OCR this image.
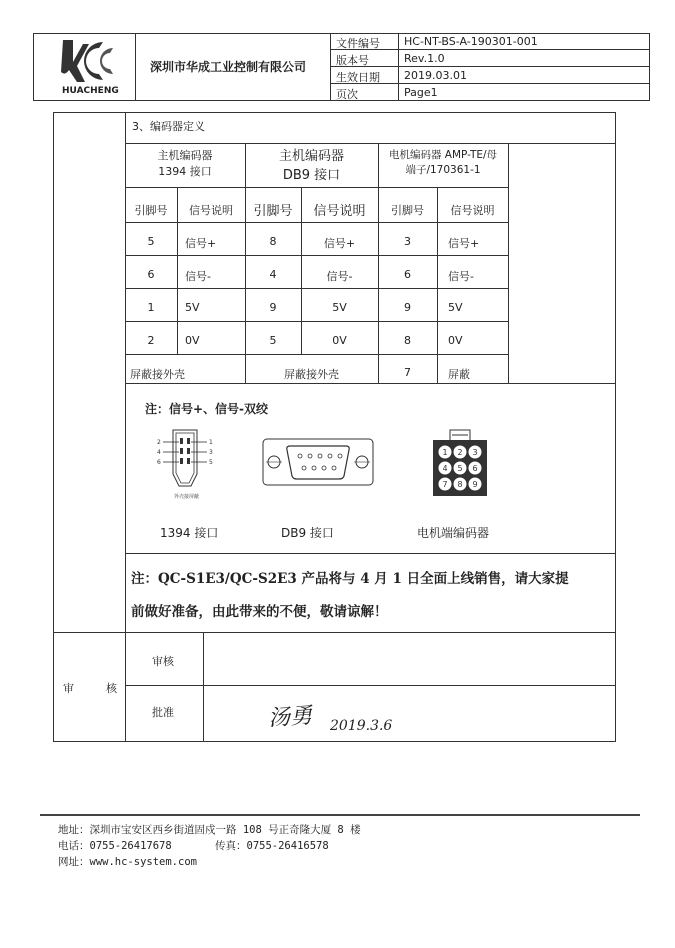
HUACHENG
深圳市华成工业控制有限公司
文件编号 HC-NT-BS-A-190301-001
版本号	Rev.1.0
生效日期 2019.03.01
页次	Page1
3、编码器定义
主机编码器
1394 接口
主机编码器
DB9 接口
电机编码器 AMP-TE/母
端子/170361-1
引脚号	信号说明	引脚号	信号说明	引脚号	信号说明
5	信号+	8	信号+	3	信号+
6	信号-	4	信号-	6	信号-
1	5V	9	5V	9	5V
2	0V	5	0V	8	0V
屏蔽接外壳	屏蔽接外壳	7	屏蔽
注：信号+、信号-双绞
2	1
4	3
6	5
外壳接屏蔽
1 2 3
4 5 6
7 8 9
1394 接口	DB9 接口	电机端编码器
注：QC-S1E3/QC-S2E3 产品将与 4 月 1 日全面上线销售，请大家提
前做好准备，由此带来的不便，敬请谅解！
审	核
审核
批准	汤勇 2019.3.6
地址：深圳市宝安区西乡街道固戍一路 108 号正奇隆大厦 8 楼
电话：0755-26417678	传真：0755-26416578
网址：www.hc-system.com
